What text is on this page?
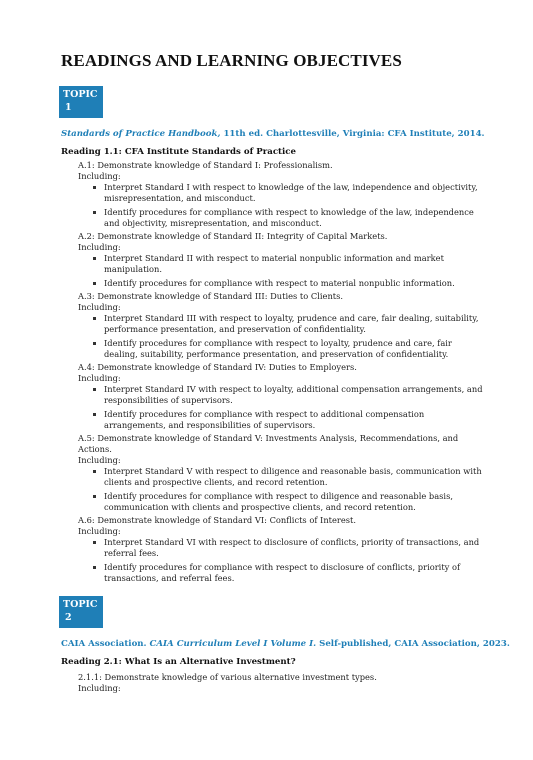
READINGS AND LEARNING OBJECTIVES
TOPIC
1
Standards of Practice Handbook, 11th ed. Charlottesville, Virginia: CFA Institute, 2014.
Reading 1.1: CFA Institute Standards of Practice
A.1: Demonstrate knowledge of Standard I: Professionalism.
Including:
Interpret Standard I with respect to knowledge of the law, independence and objectivity,
misrepresentation, and misconduct.
Identify procedures for compliance with respect to knowledge of the law, independence
and objectivity, misrepresentation, and misconduct.
A.2: Demonstrate knowledge of Standard II: Integrity of Capital Markets.
Including:
Interpret Standard II with respect to material nonpublic information and market
manipulation.
Identify procedures for compliance with respect to material nonpublic information.
A.3: Demonstrate knowledge of Standard III: Duties to Clients.
Including:
Interpret Standard III with respect to loyalty, prudence and care, fair dealing, suitability,
performance presentation, and preservation of confidentiality.
Identify procedures for compliance with respect to loyalty, prudence and care, fair
dealing, suitability, performance presentation, and preservation of confidentiality.
A.4: Demonstrate knowledge of Standard IV: Duties to Employers.
Including:
Interpret Standard IV with respect to loyalty, additional compensation arrangements, and
responsibilities of supervisors.
Identify procedures for compliance with respect to additional compensation
arrangements, and responsibilities of supervisors.
A.5: Demonstrate knowledge of Standard V: Investments Analysis, Recommendations, and
Actions.
Including:
Interpret Standard V with respect to diligence and reasonable basis, communication with
clients and prospective clients, and record retention.
Identify procedures for compliance with respect to diligence and reasonable basis,
communication with clients and prospective clients, and record retention.
A.6: Demonstrate knowledge of Standard VI: Conflicts of Interest.
Including:
Interpret Standard VI with respect to disclosure of conflicts, priority of transactions, and
referral fees.
Identify procedures for compliance with respect to disclosure of conflicts, priority of
transactions, and referral fees.
TOPIC
2
CAIA Association. CAIA Curriculum Level I Volume I. Self-published, CAIA Association, 2023.
Reading 2.1: What Is an Alternative Investment?
2.1.1: Demonstrate knowledge of various alternative investment types.
Including:
